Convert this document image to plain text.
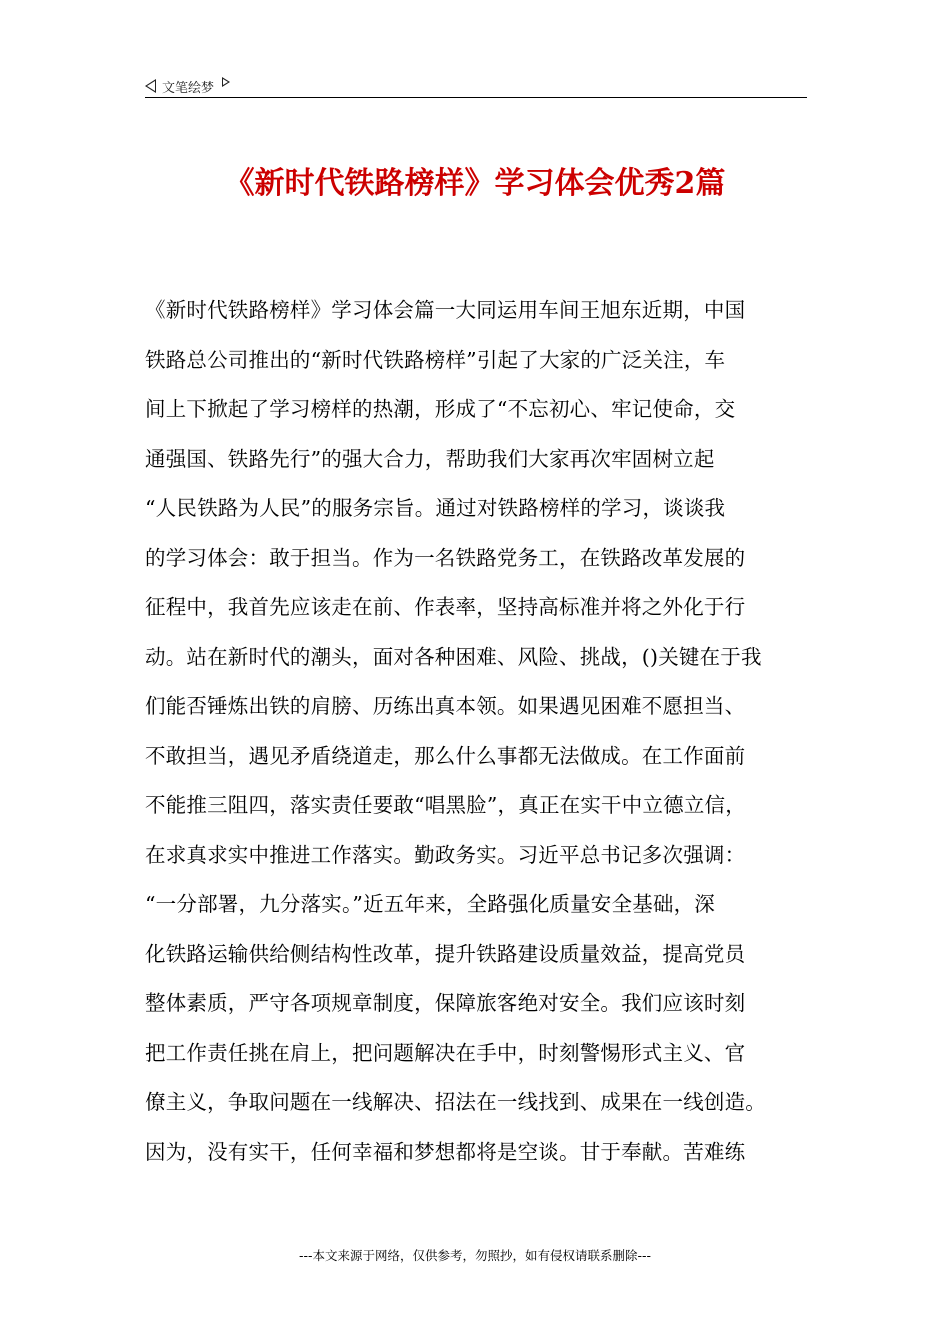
文笔绘梦
《新时代铁路榜样》学习体会优秀2篇
《新时代铁路榜样》学习体会篇一大同运用车间王旭东近期，中国
铁路总公司推出的“新时代铁路榜样”引起了大家的广泛关注，车
间上下掀起了学习榜样的热潮，形成了“不忘初心、牢记使命，交
通强国、铁路先行”的强大合力，帮助我们大家再次牢固树立起
“人民铁路为人民”的服务宗旨。通过对铁路榜样的学习，谈谈我
的学习体会：敢于担当。作为一名铁路党务工，在铁路改革发展的
征程中，我首先应该走在前、作表率，坚持高标准并将之外化于行
动。站在新时代的潮头，面对各种困难、风险、挑战，()关键在于我
们能否锤炼出铁的肩膀、历练出真本领。如果遇见困难不愿担当、
不敢担当，遇见矛盾绕道走，那么什么事都无法做成。在工作面前
不能推三阻四，落实责任要敢“唱黑脸”，真正在实干中立德立信，
在求真求实中推进工作落实。勤政务实。习近平总书记多次强调：
“一分部署，九分落实。”近五年来，全路强化质量安全基础，深
化铁路运输供给侧结构性改革，提升铁路建设质量效益，提高党员
整体素质，严守各项规章制度，保障旅客绝对安全。我们应该时刻
把工作责任挑在肩上，把问题解决在手中，时刻警惕形式主义、官
僚主义，争取问题在一线解决、招法在一线找到、成果在一线创造。
因为，没有实干，任何幸福和梦想都将是空谈。甘于奉献。苦难练
---本文来源于网络，仅供参考，勿照抄，如有侵权请联系删除---
